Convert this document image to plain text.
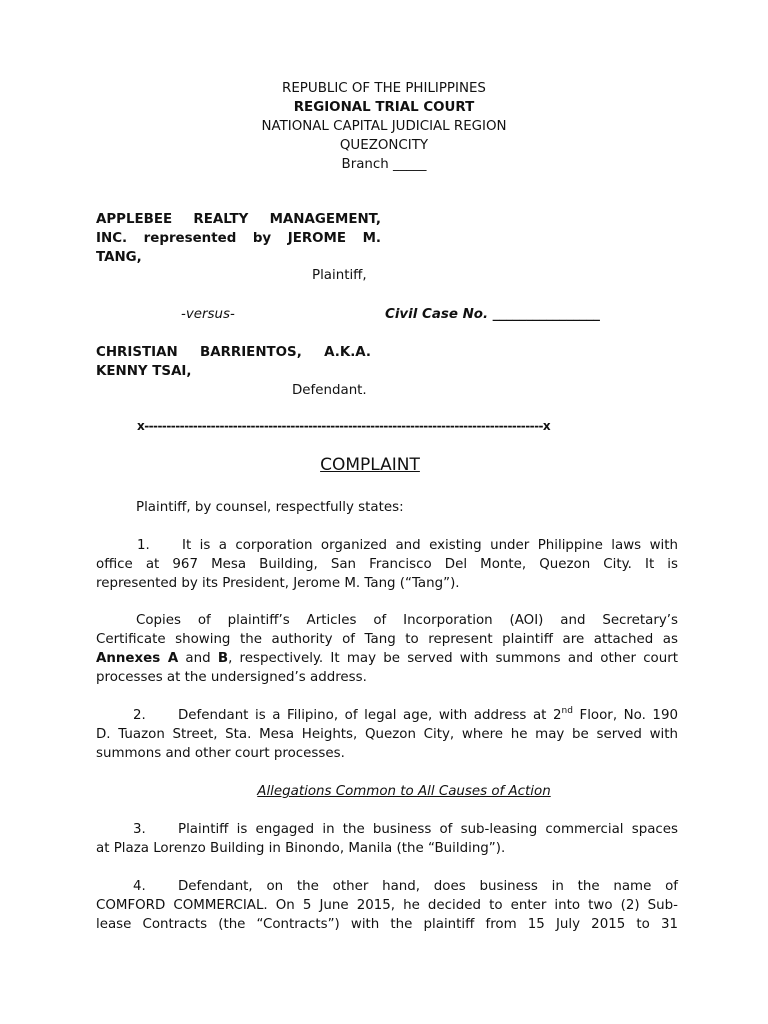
REPUBLIC OF THE PHILIPPINES
REGIONAL TRIAL COURT
NATIONAL CAPITAL JUDICIAL REGION
QUEZONCITY
Branch _____
APPLEBEE REALTY MANAGEMENT,
INC. represented by JEROME M.
TANG,
Plaintiff,
-versus-	Civil Case No. ________________
CHRISTIAN BARRIENTOS, A.K.A.
KENNY TSAI,
Defendant.
x------------------------------------------------------------------------------------------x
COMPLAINT
Plaintiff, by counsel, respectfully states:
1. It is a corporation organized and existing under Philippine laws with
office at 967 Mesa Building, San Francisco Del Monte, Quezon City. It is
represented by its President, Jerome M. Tang (“Tang”).
Copies of plaintiff’s Articles of Incorporation (AOI) and Secretary’s
Certificate showing the authority of Tang to represent plaintiff are attached as
Annexes A and B, respectively. It may be served with summons and other court
processes at the undersigned’s address.
2. Defendant is a Filipino, of legal age, with address at 2nd Floor, No. 190
D. Tuazon Street, Sta. Mesa Heights, Quezon City, where he may be served with
summons and other court processes.
Allegations Common to All Causes of Action
3. Plaintiff is engaged in the business of sub-leasing commercial spaces
at Plaza Lorenzo Building in Binondo, Manila (the “Building”).
4. Defendant, on the other hand, does business in the name of
COMFORD COMMERCIAL. On 5 June 2015, he decided to enter into two (2) Sub-
lease Contracts (the “Contracts”) with the plaintiff from 15 July 2015 to 31
